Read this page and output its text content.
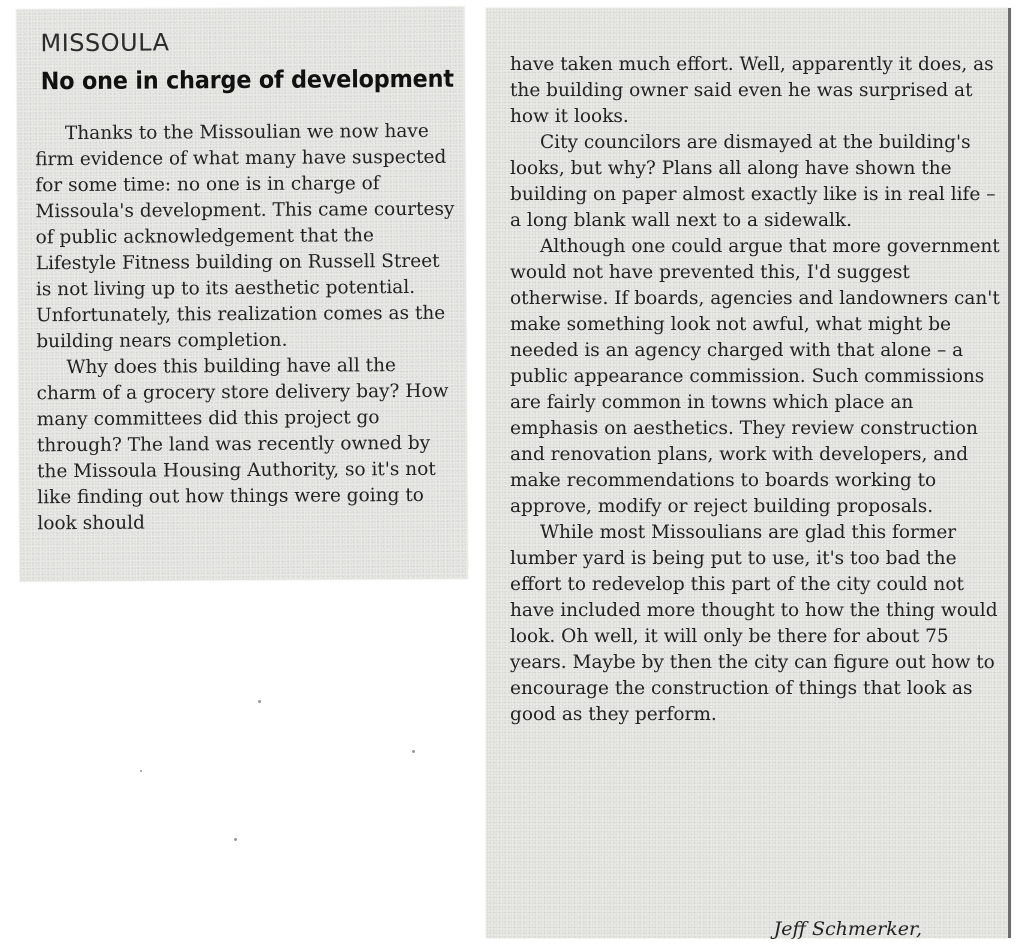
MISSOULA
No one in charge of development

Thanks to the Missoulian we now have firm evidence of what many have suspected for some time: no one is in charge of Missoula's development. This came courtesy of public acknowledgement that the Lifestyle Fitness building on Russell Street is not living up to its aesthetic potential. Unfortunately, this realization comes as the building nears completion.

Why does this building have all the charm of a grocery store delivery bay? How many committees did this project go through? The land was recently owned by the Missoula Housing Authority, so it's not like finding out how things were going to look should

have taken much effort. Well, apparently it does, as the building owner said even he was surprised at how it looks.

City councilors are dismayed at the building's looks, but why? Plans all along have shown the building on paper almost exactly like is in real life – a long blank wall next to a sidewalk.

Although one could argue that more government would not have prevented this, I'd suggest otherwise. If boards, agencies and landowners can't make something look not awful, what might be needed is an agency charged with that alone – a public appearance commission. Such commissions are fairly common in towns which place an emphasis on aesthetics. They review construction and renovation plans, work with developers, and make recommendations to boards working to approve, modify or reject building proposals.

While most Missoulians are glad this former lumber yard is being put to use, it's too bad the effort to redevelop this part of the city could not have included more thought to how the thing would look. Oh well, it will only be there for about 75 years. Maybe by then the city can figure out how to encourage the construction of things that look as good as they perform.

Jeff Schmerker,
